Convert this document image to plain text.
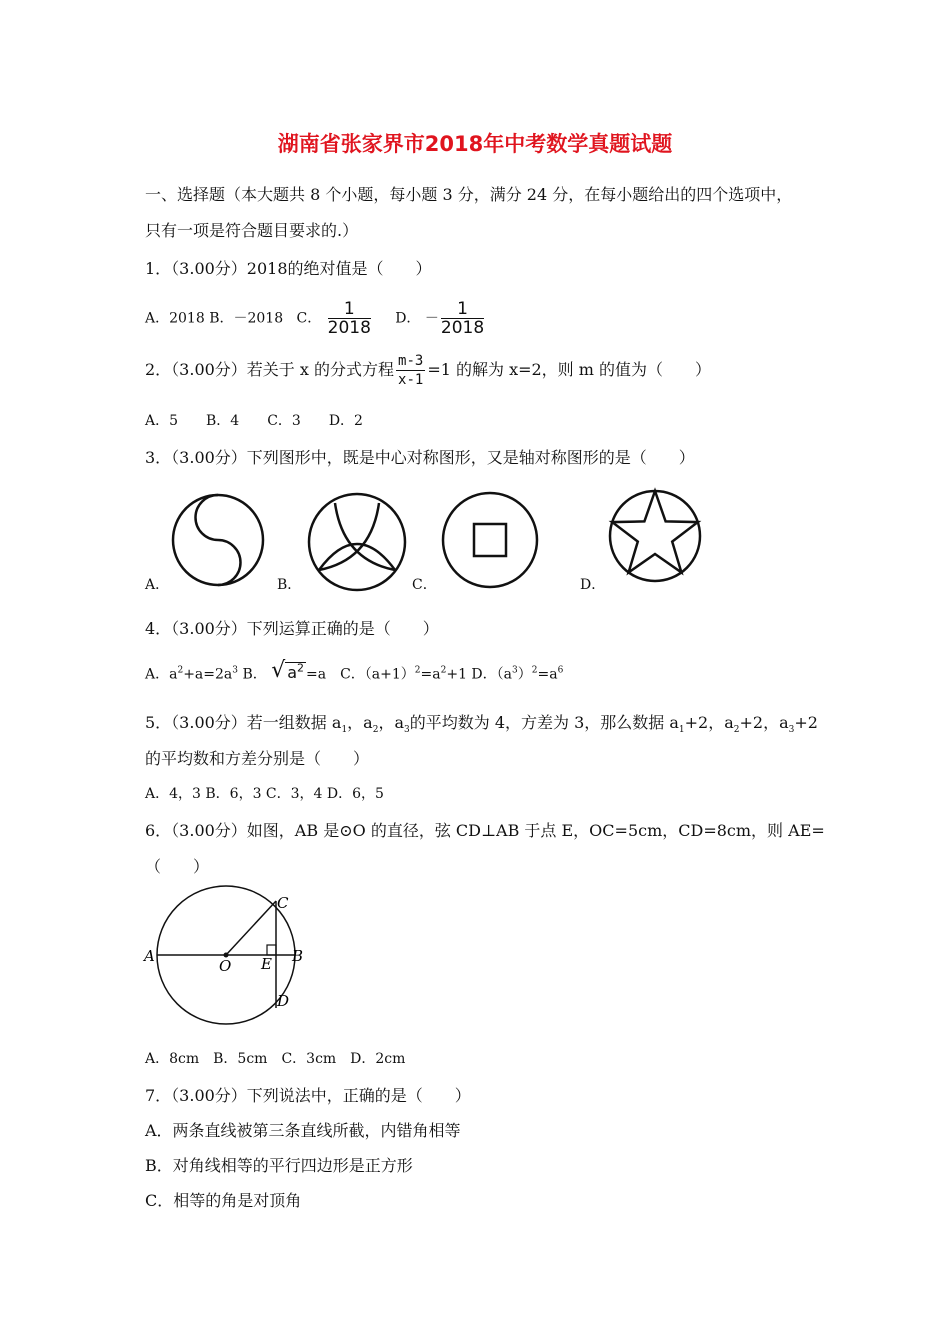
湖南省张家界市2018年中考数学真题试题
一、选择题（本大题共 8 个小题，每小题 3 分，满分 24 分，在每小题给出的四个选项中，
只有一项是符合题目要求的.）
1．（3.00分）2018的绝对值是（　　）
A．2018 B．－2018 C． $\frac{1}{2018}$ D． － $\frac{1}{2018}$
2．（3.00分）若关于 x 的分式方程 $\frac{m-3}{x-1} =1$ 的解为 x=2，则 m 的值为（　　）
A．5　　B．4　　C．3　　D．2
3．（3.00分）下列图形中，既是中心对称图形，又是轴对称图形的是（　　）
A．	B．	C．	D．
4．（3.00分）下列运算正确的是（　　）
A．$a^2+a=2a^3$ B． √ $a^2 =a$　C．$(a+1)^2=a^2+1$ D．$(a^3)^2=a^6$
5．（3.00分）若一组数据 $a_1$，$a_2$，$a_3$的平均数为 4，方差为 3，那么数据 $a_1+2$，$a_2+2$，$a_3+2$
的平均数和方差分别是（　　）
A．4，3 B．6，3 C．3，4 D．6，5
6．（3.00分）如图，AB 是⊙O 的直径，弦 CD⊥AB 于点 E，OC=5cm，CD=8cm，则 AE=
（　　）
A	B
C
D
E
O
A．8cm　B．5cm　C．3cm　D．2cm
7．（3.00分）下列说法中，正确的是（　　）
A．两条直线被第三条直线所截，内错角相等
B．对角线相等的平行四边形是正方形
C．相等的角是对顶角
